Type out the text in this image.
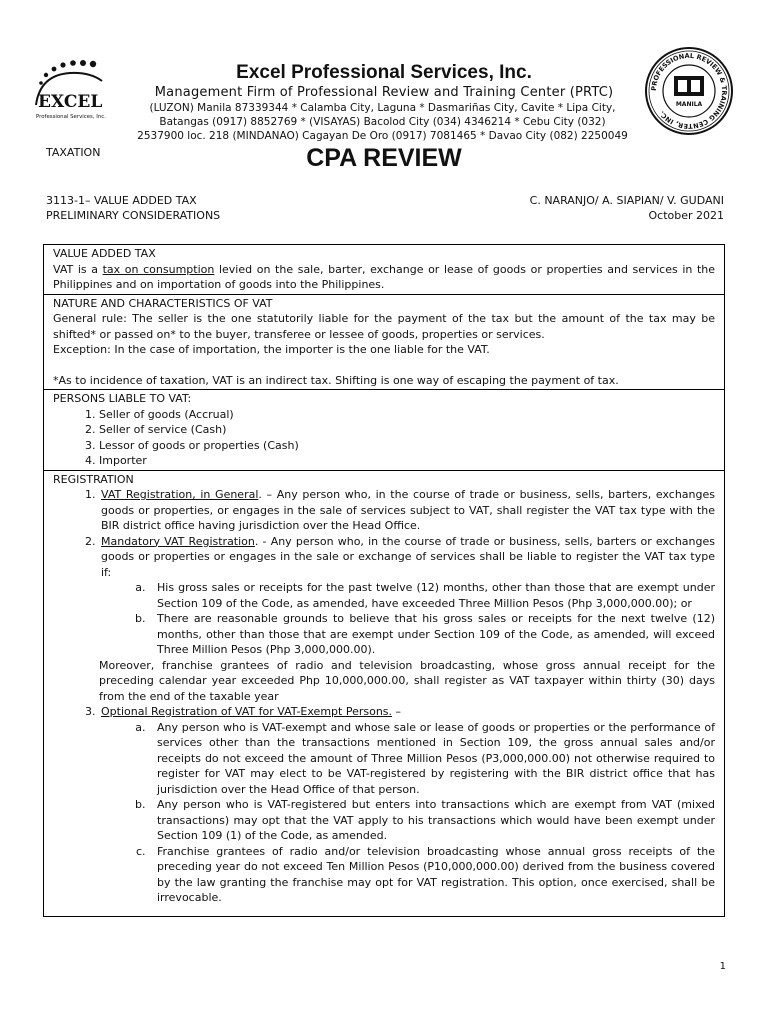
EXCEL
Professional Services, Inc.
PROFESSIONAL REVIEW & TRAINING CENTER, INC.
MANILA
Excel Professional Services, Inc.
Management Firm of Professional Review and Training Center (PRTC)
(LUZON) Manila 87339344 * Calamba City, Laguna * Dasmariñas City, Cavite * Lipa City,
Batangas (0917) 8852769 * (VISAYAS) Bacolod City (034) 4346214 * Cebu City (032)
2537900 loc. 218 (MINDANAO) Cagayan De Oro (0917) 7081465 * Davao City (082) 2250049
TAXATION	CPA REVIEW
3113-1– VALUE ADDED TAX	C. NARANJO/ A. SIAPIAN/ V. GUDANI
PRELIMINARY CONSIDERATIONS	October 2021
VALUE ADDED TAX
VAT is a tax on consumption levied on the sale, barter, exchange or lease of goods or properties and services in the Philippines and on importation of goods into the Philippines.
NATURE AND CHARACTERISTICS OF VAT
General rule: The seller is the one statutorily liable for the payment of the tax but the amount of the tax may be shifted* or passed on* to the buyer, transferee or lessee of goods, properties or services.
Exception: In the case of importation, the importer is the one liable for the VAT.
*As to incidence of taxation, VAT is an indirect tax. Shifting is one way of escaping the payment of tax.
PERSONS LIABLE TO VAT:
1. Seller of goods (Accrual)
2. Seller of service (Cash)
3. Lessor of goods or properties (Cash)
4. Importer
REGISTRATION
1. VAT Registration, in General. – Any person who, in the course of trade or business, sells, barters, exchanges goods or properties, or engages in the sale of services subject to VAT, shall register the VAT tax type with the BIR district office having jurisdiction over the Head Office.
2. Mandatory VAT Registration. - Any person who, in the course of trade or business, sells, barters or exchanges goods or properties or engages in the sale or exchange of services shall be liable to register the VAT tax type if:
a. His gross sales or receipts for the past twelve (12) months, other than those that are exempt under Section 109 of the Code, as amended, have exceeded Three Million Pesos (Php 3,000,000.00); or
b. There are reasonable grounds to believe that his gross sales or receipts for the next twelve (12) months, other than those that are exempt under Section 109 of the Code, as amended, will exceed Three Million Pesos (Php 3,000,000.00).
Moreover, franchise grantees of radio and television broadcasting, whose gross annual receipt for the preceding calendar year exceeded Php 10,000,000.00, shall register as VAT taxpayer within thirty (30) days from the end of the taxable year
3. Optional Registration of VAT for VAT-Exempt Persons. –
a. Any person who is VAT-exempt and whose sale or lease of goods or properties or the performance of services other than the transactions mentioned in Section 109, the gross annual sales and/or receipts do not exceed the amount of Three Million Pesos (P3,000,000.00) not otherwise required to register for VAT may elect to be VAT-registered by registering with the BIR district office that has jurisdiction over the Head Office of that person.
b. Any person who is VAT-registered but enters into transactions which are exempt from VAT (mixed transactions) may opt that the VAT apply to his transactions which would have been exempt under Section 109 (1) of the Code, as amended.
c. Franchise grantees of radio and/or television broadcasting whose annual gross receipts of the preceding year do not exceed Ten Million Pesos (P10,000,000.00) derived from the business covered by the law granting the franchise may opt for VAT registration. This option, once exercised, shall be irrevocable.
1
